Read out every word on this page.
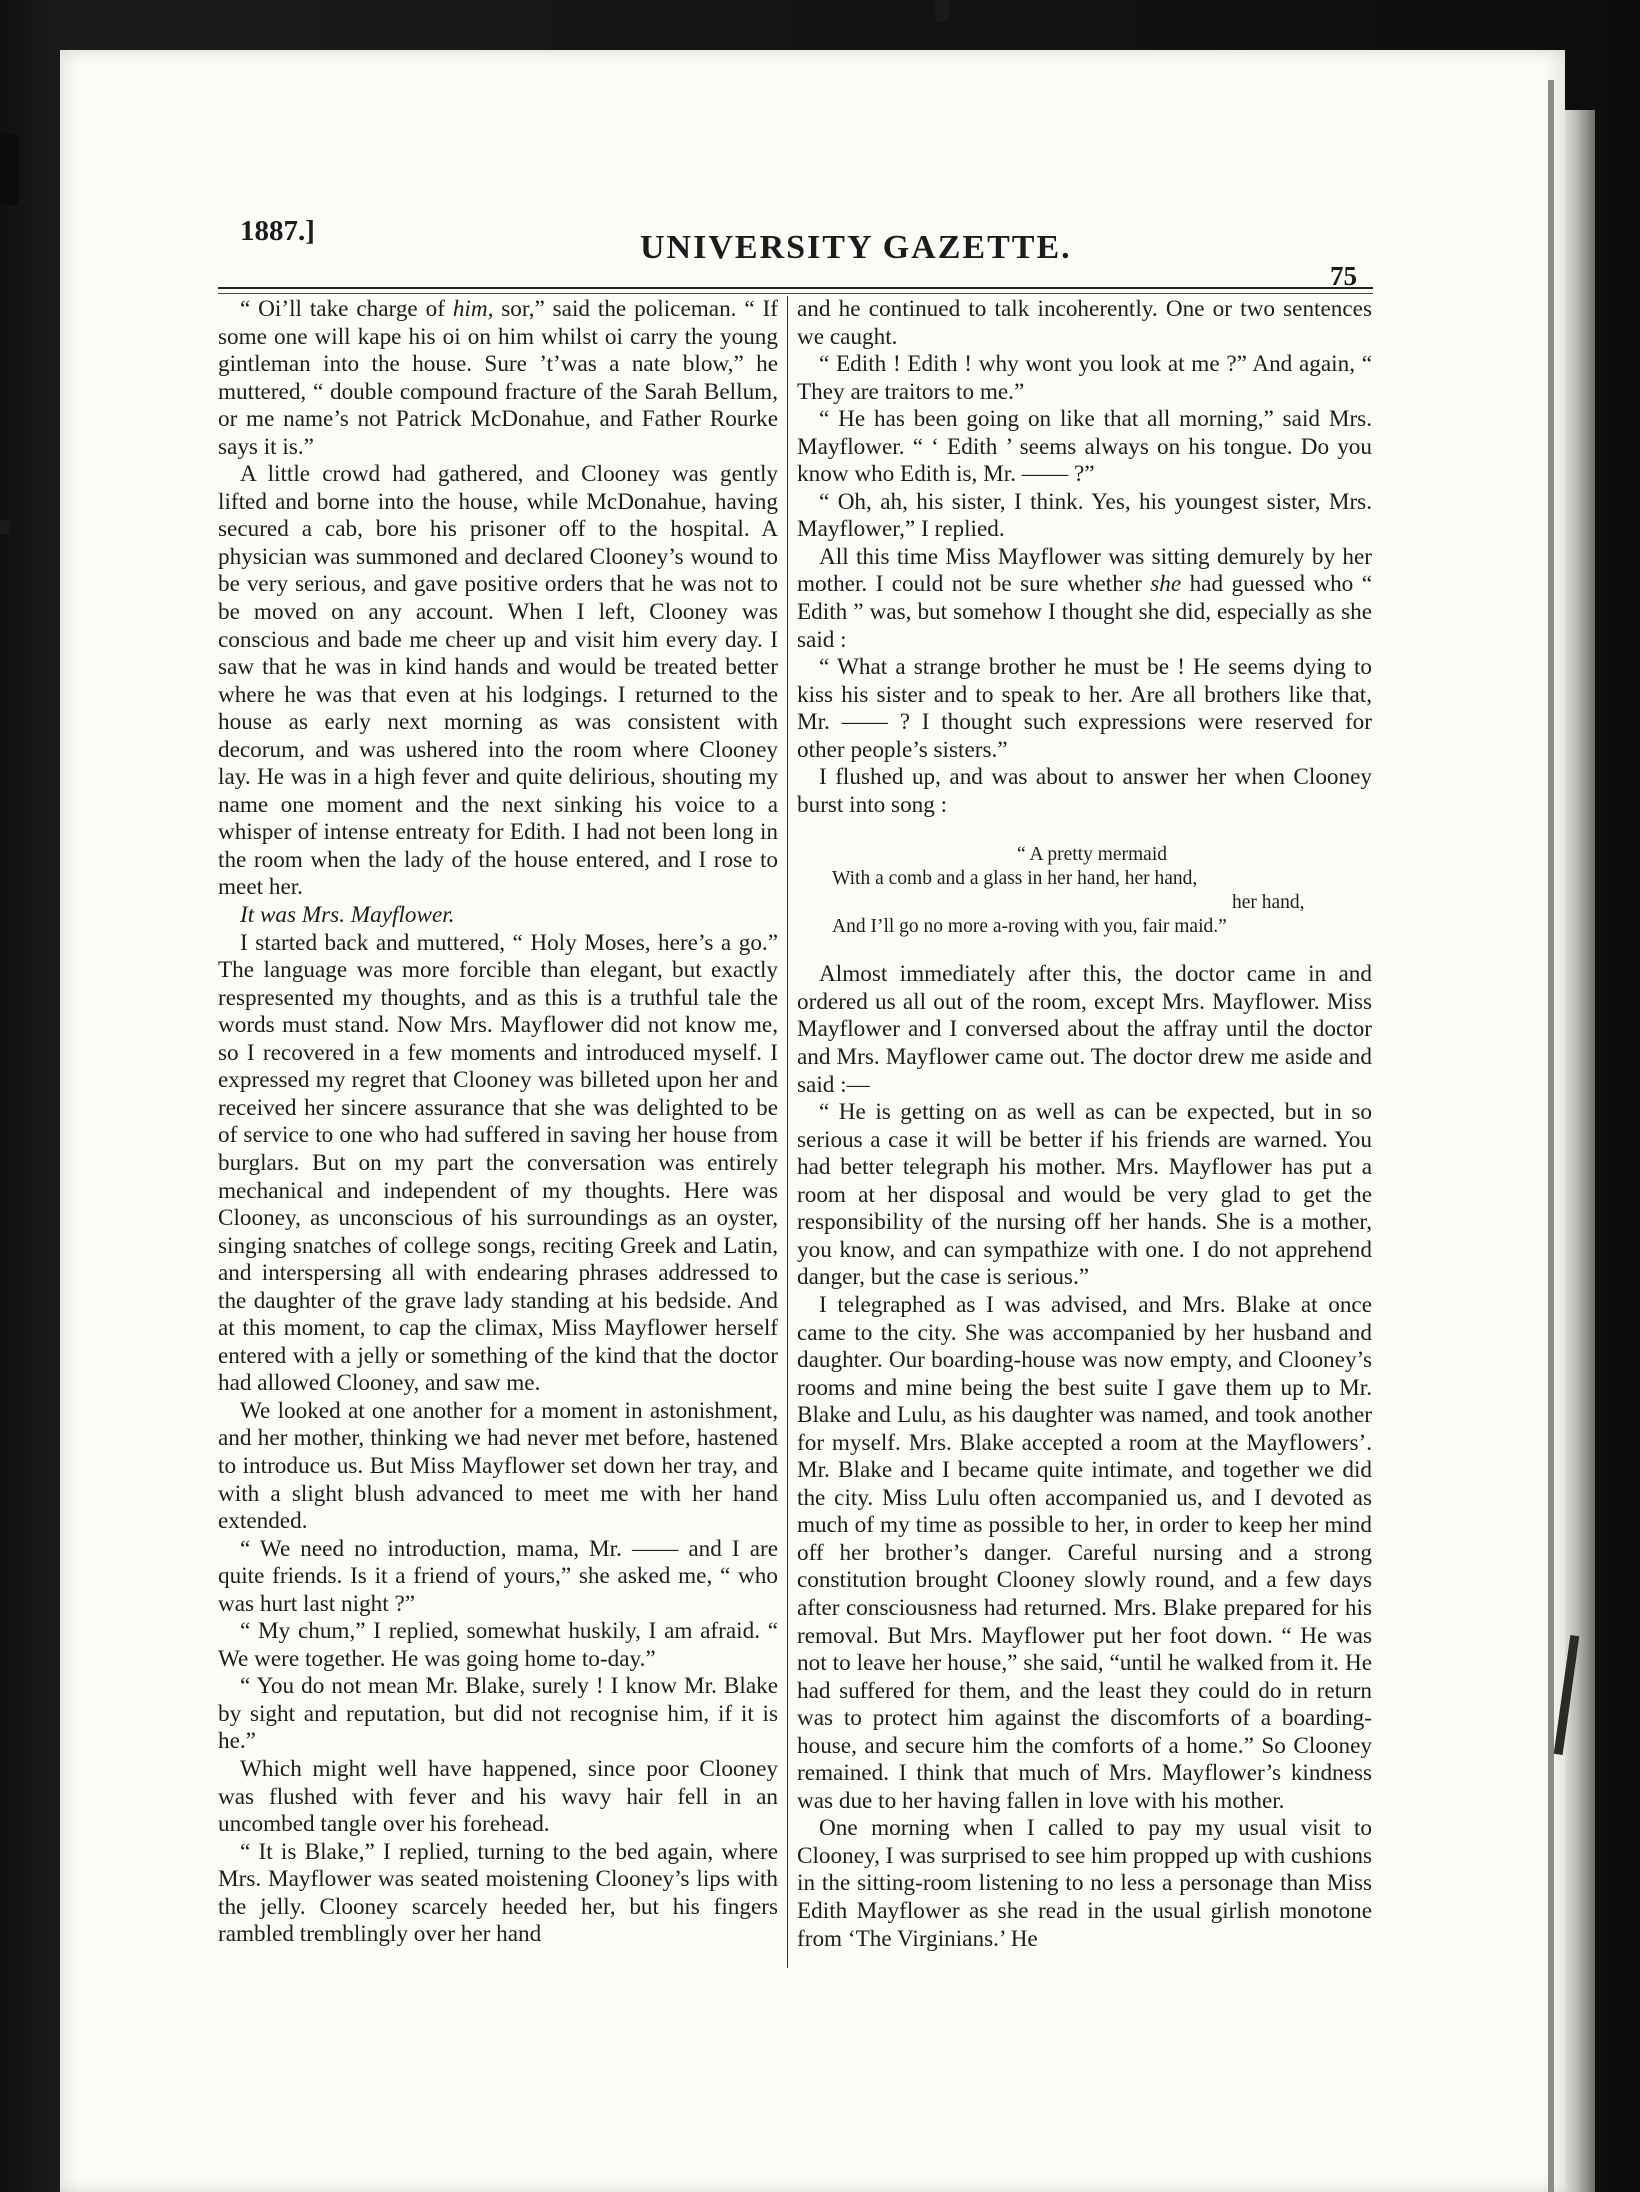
1887.]	UNIVERSITY GAZETTE.
75

“ Oi’ll take charge of him, sor,” said the policeman. “ If some one will kape his oi on him whilst oi carry the young gintleman into the house. Sure ’t’was a nate blow,” he muttered, “ double compound fracture of the Sarah Bellum, or me name’s not Patrick McDonahue, and Father Rourke says it is.”

A little crowd had gathered, and Clooney was gently lifted and borne into the house, while McDonahue, having secured a cab, bore his prisoner off to the hospital. A physician was summoned and declared Clooney’s wound to be very serious, and gave positive orders that he was not to be moved on any account. When I left, Clooney was conscious and bade me cheer up and visit him every day. I saw that he was in kind hands and would be treated better where he was that even at his lodgings. I returned to the house as early next morning as was consistent with decorum, and was ushered into the room where Clooney lay. He was in a high fever and quite delirious, shouting my name one moment and the next sinking his voice to a whisper of intense entreaty for Edith. I had not been long in the room when the lady of the house entered, and I rose to meet her.

It was Mrs. Mayflower.

I started back and muttered, “ Holy Moses, here’s a go.” The language was more forcible than elegant, but exactly respresented my thoughts, and as this is a truthful tale the words must stand. Now Mrs. Mayflower did not know me, so I recovered in a few moments and introduced myself. I expressed my regret that Clooney was billeted upon her and received her sincere assurance that she was delighted to be of service to one who had suffered in saving her house from burglars. But on my part the conversation was entirely mechanical and independent of my thoughts. Here was Clooney, as unconscious of his surroundings as an oyster, singing snatches of college songs, reciting Greek and Latin, and interspersing all with endearing phrases addressed to the daughter of the grave lady standing at his bedside. And at this moment, to cap the climax, Miss Mayflower herself entered with a jelly or something of the kind that the doctor had allowed Clooney, and saw me.

We looked at one another for a moment in astonishment, and her mother, thinking we had never met before, hastened to introduce us. But Miss Mayflower set down her tray, and with a slight blush advanced to meet me with her hand extended.

“ We need no introduction, mama, Mr. —— and I are quite friends. Is it a friend of yours,” she asked me, “ who was hurt last night ?”

“ My chum,” I replied, somewhat huskily, I am afraid. “ We were together. He was going home to-day.”

“ You do not mean Mr. Blake, surely ! I know Mr. Blake by sight and reputation, but did not recognise him, if it is he.”

Which might well have happened, since poor Clooney was flushed with fever and his wavy hair fell in an uncombed tangle over his forehead.

“ It is Blake,” I replied, turning to the bed again, where Mrs. Mayflower was seated moistening Clooney’s lips with the jelly. Clooney scarcely heeded her, but his fingers rambled tremblingly over her hand

and he continued to talk incoherently. One or two sentences we caught.

“ Edith ! Edith ! why wont you look at me ?” And again, “ They are traitors to me.”

“ He has been going on like that all morning,” said Mrs. Mayflower. “ ‘ Edith ’ seems always on his tongue. Do you know who Edith is, Mr. —— ?”

“ Oh, ah, his sister, I think. Yes, his youngest sister, Mrs. Mayflower,” I replied.

All this time Miss Mayflower was sitting demurely by her mother. I could not be sure whether she had guessed who “ Edith ” was, but somehow I thought she did, especially as she said :

“ What a strange brother he must be ! He seems dying to kiss his sister and to speak to her. Are all brothers like that, Mr. —— ? I thought such expressions were reserved for other people’s sisters.”

I flushed up, and was about to answer her when Clooney burst into song :

“ A pretty mermaid
With a comb and a glass in her hand, her hand,
her hand,
And I’ll go no more a-roving with you, fair maid.”

Almost immediately after this, the doctor came in and ordered us all out of the room, except Mrs. Mayflower. Miss Mayflower and I conversed about the affray until the doctor and Mrs. Mayflower came out. The doctor drew me aside and said :—

“ He is getting on as well as can be expected, but in so serious a case it will be better if his friends are warned. You had better telegraph his mother. Mrs. Mayflower has put a room at her disposal and would be very glad to get the responsibility of the nursing off her hands. She is a mother, you know, and can sympathize with one. I do not apprehend danger, but the case is serious.”

I telegraphed as I was advised, and Mrs. Blake at once came to the city. She was accompanied by her husband and daughter. Our boarding-house was now empty, and Clooney’s rooms and mine being the best suite I gave them up to Mr. Blake and Lulu, as his daughter was named, and took another for myself. Mrs. Blake accepted a room at the Mayflowers’. Mr. Blake and I became quite intimate, and together we did the city. Miss Lulu often accompanied us, and I devoted as much of my time as possible to her, in order to keep her mind off her brother’s danger. Careful nursing and a strong constitution brought Clooney slowly round, and a few days after consciousness had returned. Mrs. Blake prepared for his removal. But Mrs. Mayflower put her foot down. “ He was not to leave her house,” she said, “until he walked from it. He had suffered for them, and the least they could do in return was to protect him against the discomforts of a boarding-house, and secure him the comforts of a home.” So Clooney remained. I think that much of Mrs. Mayflower’s kindness was due to her having fallen in love with his mother.

One morning when I called to pay my usual visit to Clooney, I was surprised to see him propped up with cushions in the sitting-room listening to no less a personage than Miss Edith Mayflower as she read in the usual girlish monotone from ‘The Virginians.’ He
